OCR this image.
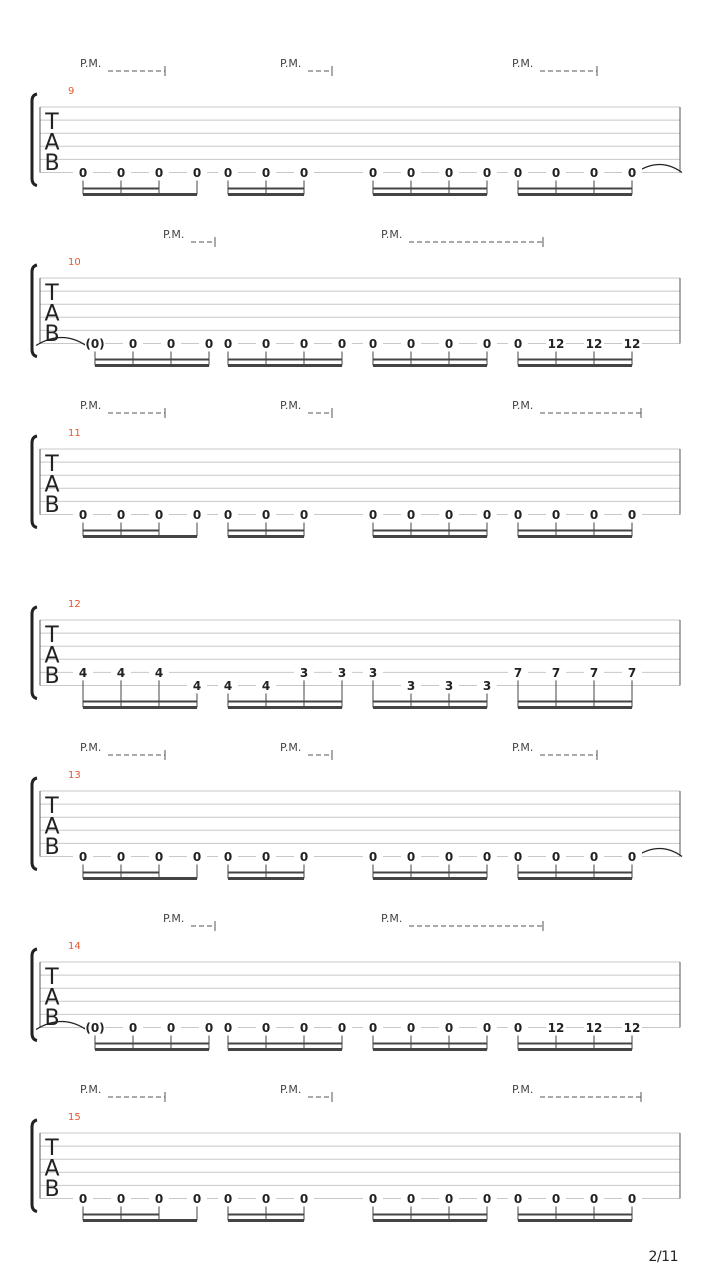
T
A
B
9
P.M.	P.M.	P.M.
0 0 0 0 0 0 0	0 0 0 0 0 0 0 0
T
A
B
10
P.M.	P.M.
(0) 0 0 0 0 0 0 0 0 0 0 0 0 12 12 12
T
A
B
11
P.M.	P.M.	P.M.
0 0 0 0 0 0 0	0 0 0 0 0 0 0 0
T
A
B
12
4 4 4
4 4 4
3 3 3
3 3 3
7 7 7 7
T
A
B
13
P.M.	P.M.	P.M.
0 0 0 0 0 0 0	0 0 0 0 0 0 0 0
T
A
B
14
P.M.	P.M.
(0) 0 0 0 0 0 0 0 0 0 0 0 0 12 12 12
T
A
B
15
P.M.	P.M.	P.M.
0 0 0 0 0 0 0	0 0 0 0 0 0 0 0
2/11
